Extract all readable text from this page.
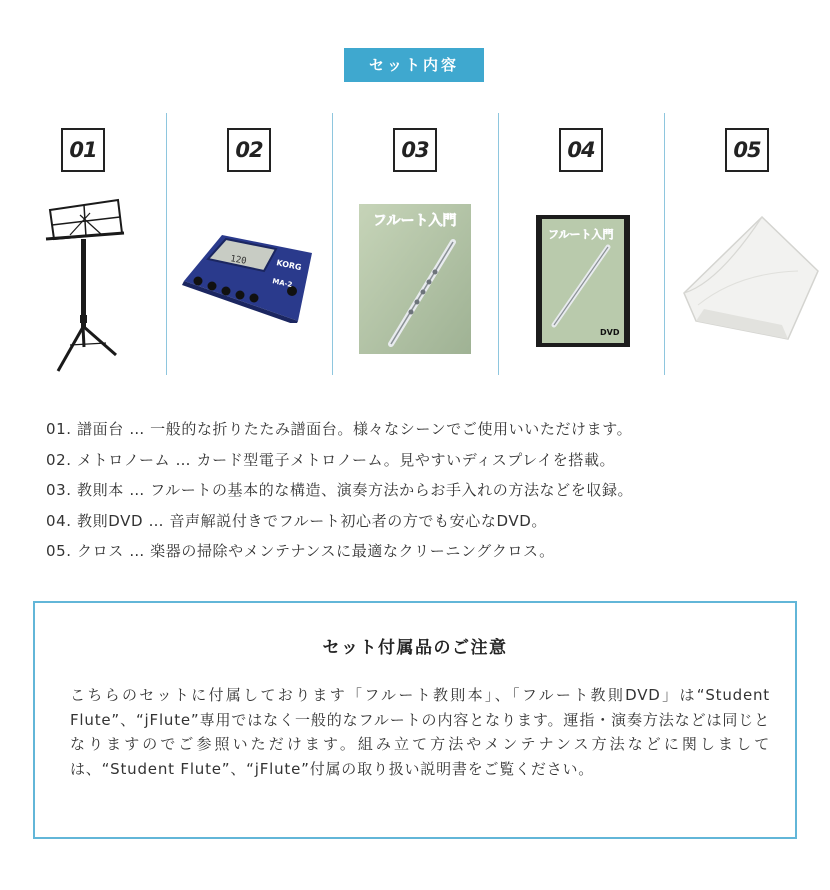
セット内容
01	02
120	KORG
MA-2
03
フルート入門
04
フルート入門
DVD
05
01. 譜面台 … 一般的な折りたたみ譜面台。様々なシーンでご使用いいただけます。
02. メトロノーム … カード型電子メトロノーム。見やすいディスプレイを搭載。
03. 教則本 … フルートの基本的な構造、演奏方法からお手入れの方法などを収録。
04. 教則DVD … 音声解説付きでフルート初心者の方でも安心なDVD。
05. クロス … 楽器の掃除やメンテナンスに最適なクリーニングクロス。
セット付属品のご注意
こちらのセットに付属しております「フルート教則本」、「フルート教則DVD」は“Student Flute”、“jFlute”専用ではなく一般的なフルートの内容となります。運指・演奏方法などは同じとなりますのでご参照いただけます。組み立て方法やメンテナンス方法などに関しましては、“Student Flute”、“jFlute”付属の取り扱い説明書をご覧ください。
